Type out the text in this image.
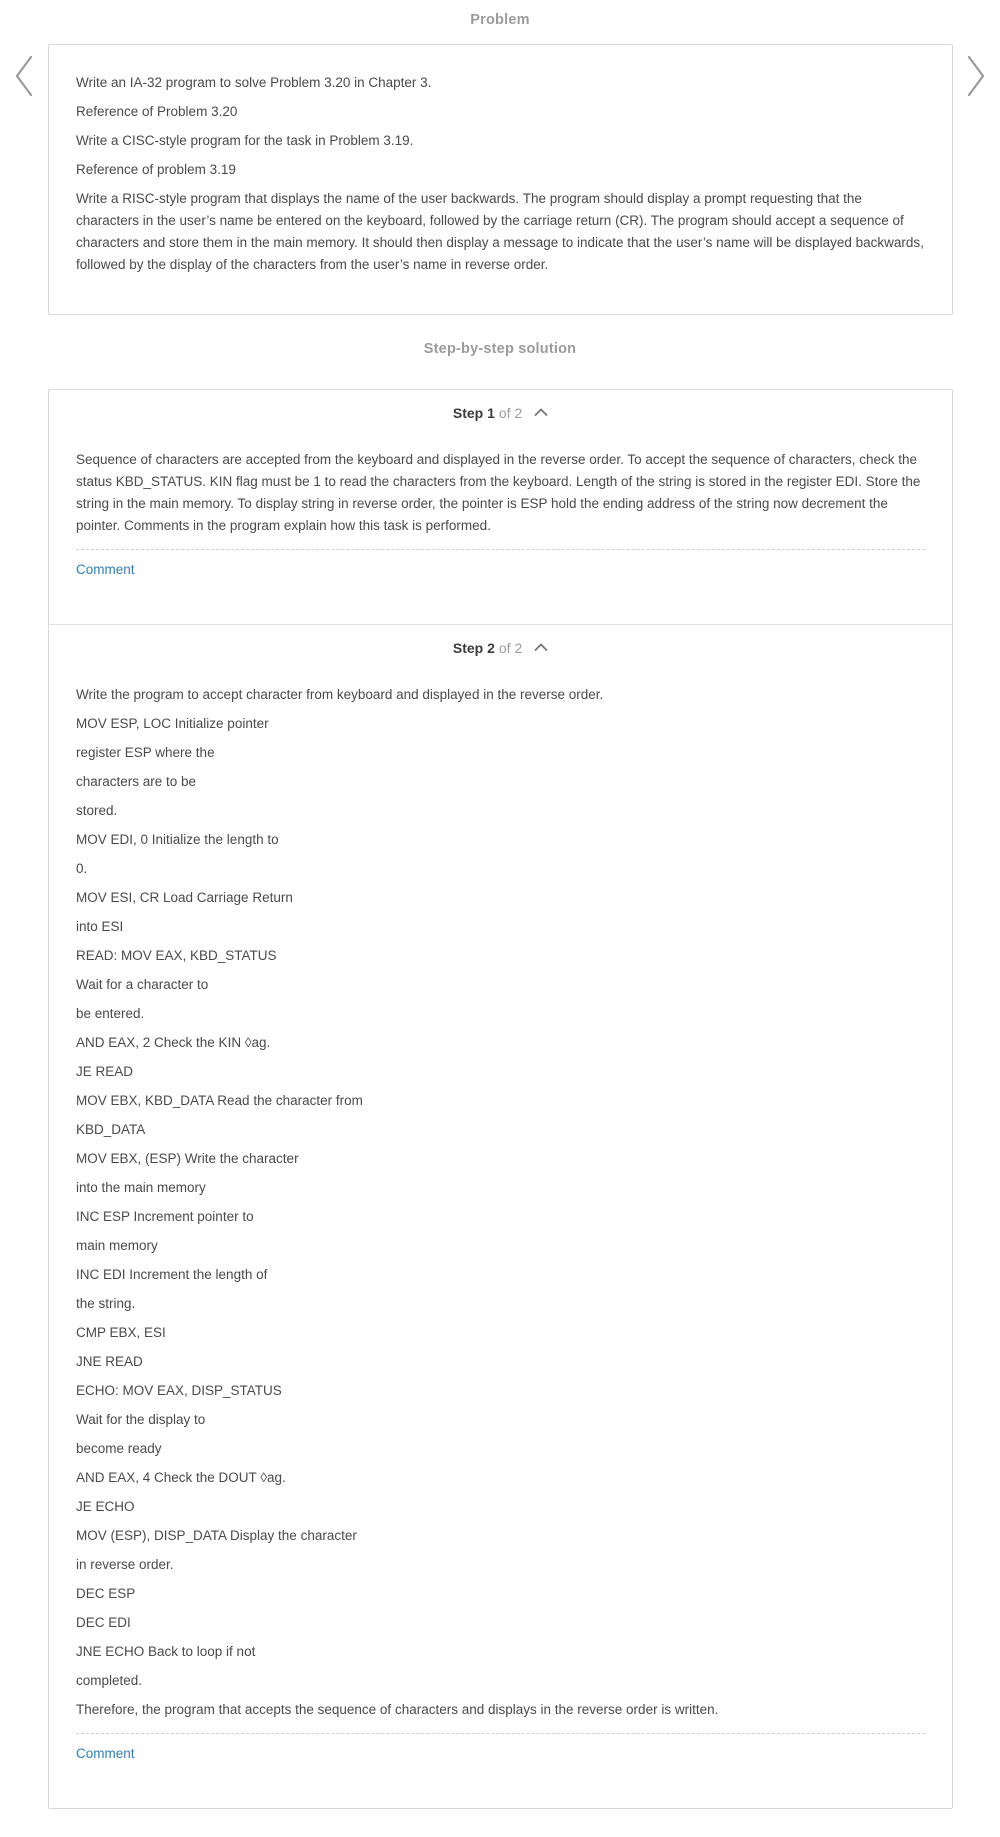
Problem

Write an IA-32 program to solve Problem 3.20 in Chapter 3.

Reference of Problem 3.20

Write a CISC-style program for the task in Problem 3.19.

Reference of problem 3.19

Write a RISC-style program that displays the name of the user backwards. The program should display a prompt requesting that the characters in the user’s name be entered on the keyboard, followed by the carriage return (CR). The program should accept a sequence of characters and store them in the main memory. It should then display a message to indicate that the user’s name will be displayed backwards, followed by the display of the characters from the user’s name in reverse order.

Step-by-step solution
Step 1 of 2

Sequence of characters are accepted from the keyboard and displayed in the reverse order. To accept the sequence of characters, check the status KBD_STATUS. KIN flag must be 1 to read the characters from the keyboard. Length of the string is stored in the register EDI. Store the string in the main memory. To display string in reverse order, the pointer is ESP hold the ending address of the string now decrement the pointer. Comments in the program explain how this task is performed.

Comment
Step 2 of 2

Write the program to accept character from keyboard and displayed in the reverse order.

MOV ESP, LOC Initialize pointer

register ESP where the

characters are to be

stored.

MOV EDI, 0 Initialize the length to

0.

MOV ESI, CR Load Carriage Return

into ESI

READ: MOV EAX, KBD_STATUS

Wait for a character to

be entered.

AND EAX, 2 Check the KIN ◊ag.

JE READ

MOV EBX, KBD_DATA Read the character from

KBD_DATA

MOV EBX, (ESP) Write the character

into the main memory

INC ESP Increment pointer to

main memory

INC EDI Increment the length of

the string.

CMP EBX, ESI

JNE READ

ECHO: MOV EAX, DISP_STATUS

Wait for the display to

become ready

AND EAX, 4 Check the DOUT ◊ag.

JE ECHO

MOV (ESP), DISP_DATA Display the character

in reverse order.

DEC ESP

DEC EDI

JNE ECHO Back to loop if not

completed.

Therefore, the program that accepts the sequence of characters and displays in the reverse order is written.

Comment
